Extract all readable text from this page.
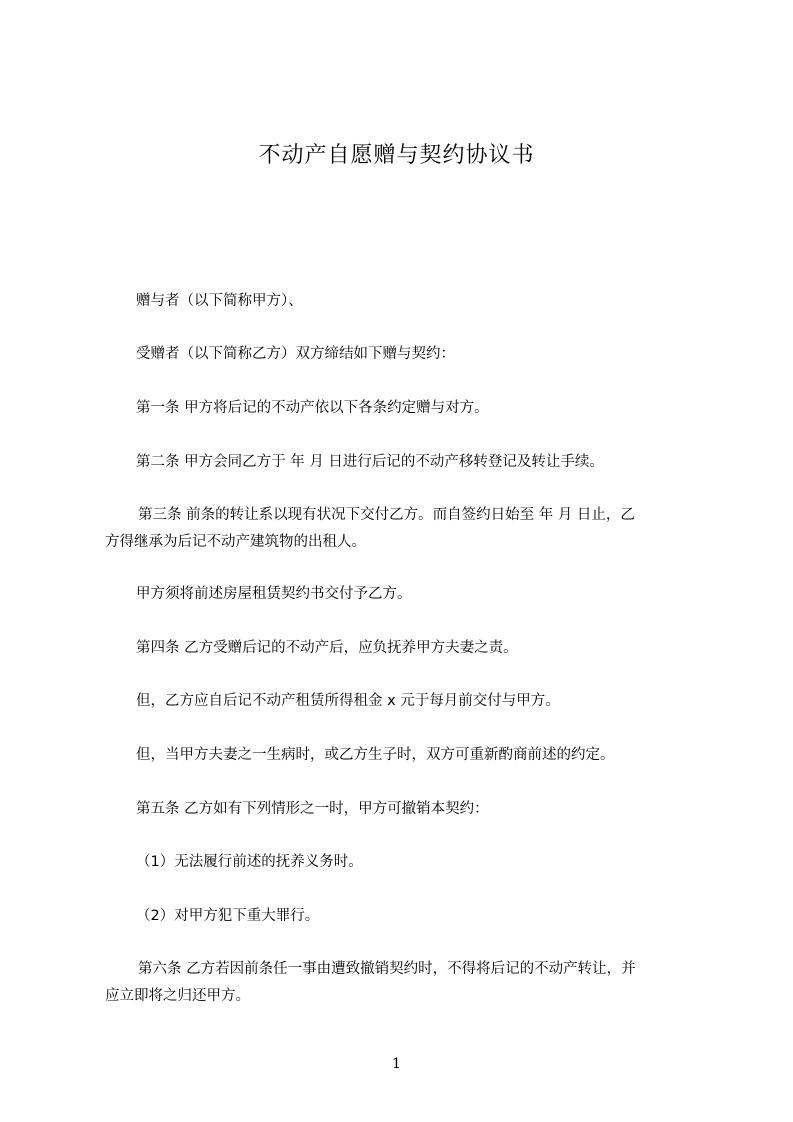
不动产自愿赠与契约协议书
赠与者（以下简称甲方）、
受赠者（以下简称乙方）双方缔结如下赠与契约：
第一条 甲方将后记的不动产依以下各条约定赠与对方。
第二条 甲方会同乙方于 年 月 日进行后记的不动产移转登记及转让手续。
第三条 前条的转让系以现有状况下交付乙方。而自签约日始至 年 月 日止，乙
方得继承为后记不动产建筑物的出租人。
甲方须将前述房屋租赁契约书交付予乙方。
第四条 乙方受赠后记的不动产后，应负抚养甲方夫妻之责。
但，乙方应自后记不动产租赁所得租金 x 元于每月前交付与甲方。
但，当甲方夫妻之一生病时，或乙方生子时，双方可重新酌商前述的约定。
第五条 乙方如有下列情形之一时，甲方可撤销本契约：
（1）无法履行前述的抚养义务时。
（2）对甲方犯下重大罪行。
第六条 乙方若因前条任一事由遭致撤销契约时，不得将后记的不动产转让，并
应立即将之归还甲方。
1
